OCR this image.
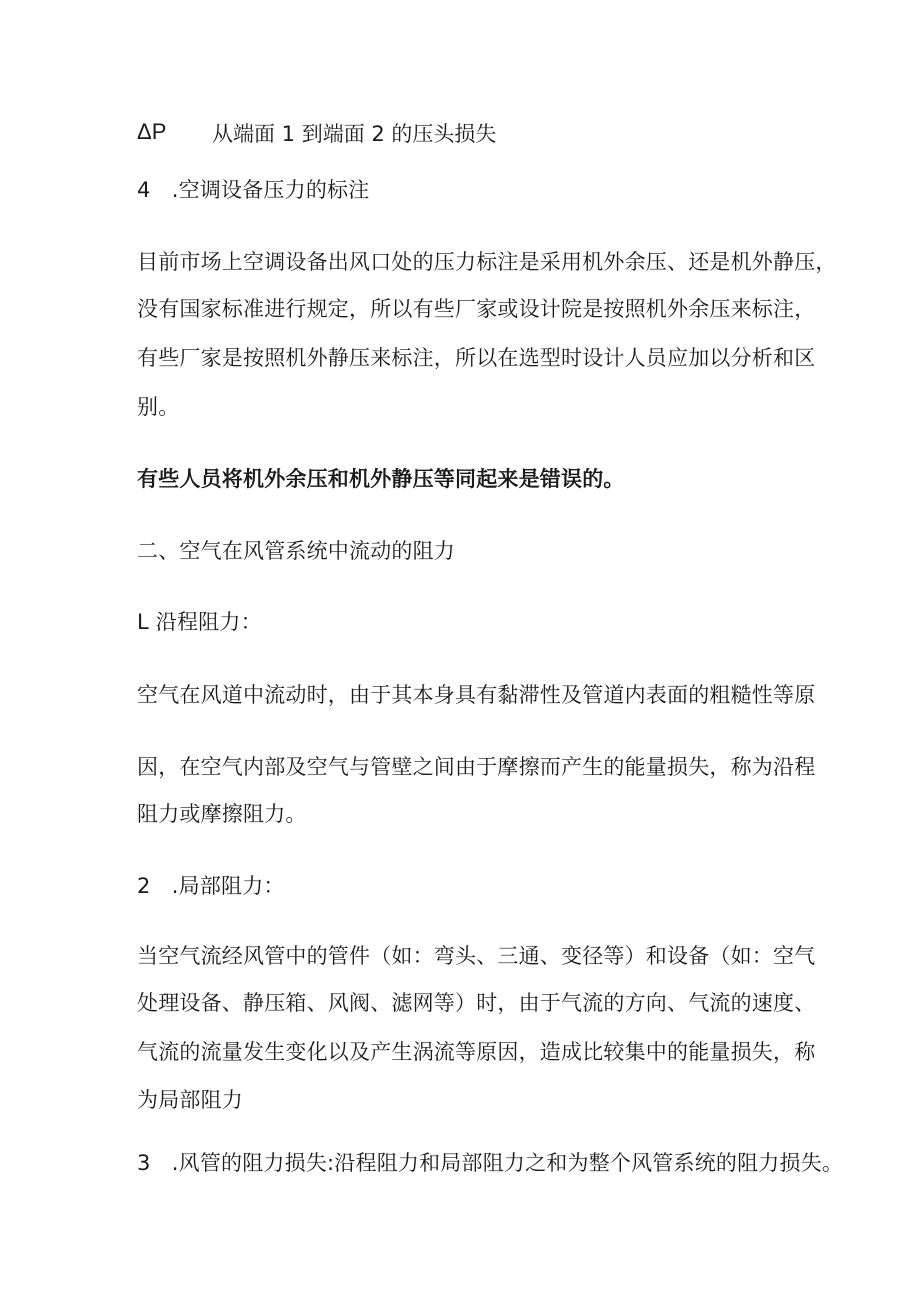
ΔP 从端面 1 到端面 2 的压头损失
4　.空调设备压力的标注
目前市场上空调设备出风口处的压力标注是采用机外余压、还是机外静压，
没有国家标准进行规定，所以有些厂家或设计院是按照机外余压来标注，
有些厂家是按照机外静压来标注，所以在选型时设计人员应加以分析和区
别。
有些人员将机外余压和机外静压等同起来是错误的。
二、空气在风管系统中流动的阻力
L 沿程阻力：
空气在风道中流动时，由于其本身具有黏滞性及管道内表面的粗糙性等原
因，在空气内部及空气与管壁之间由于摩擦而产生的能量损失，称为沿程
阻力或摩擦阻力。
2　.局部阻力：
当空气流经风管中的管件（如：弯头、三通、变径等）和设备（如：空气
处理设备、静压箱、风阀、滤网等）时，由于气流的方向、气流的速度、
气流的流量发生变化以及产生涡流等原因，造成比较集中的能量损失，称
为局部阻力
3　.风管的阻力损失:沿程阻力和局部阻力之和为整个风管系统的阻力损失。
